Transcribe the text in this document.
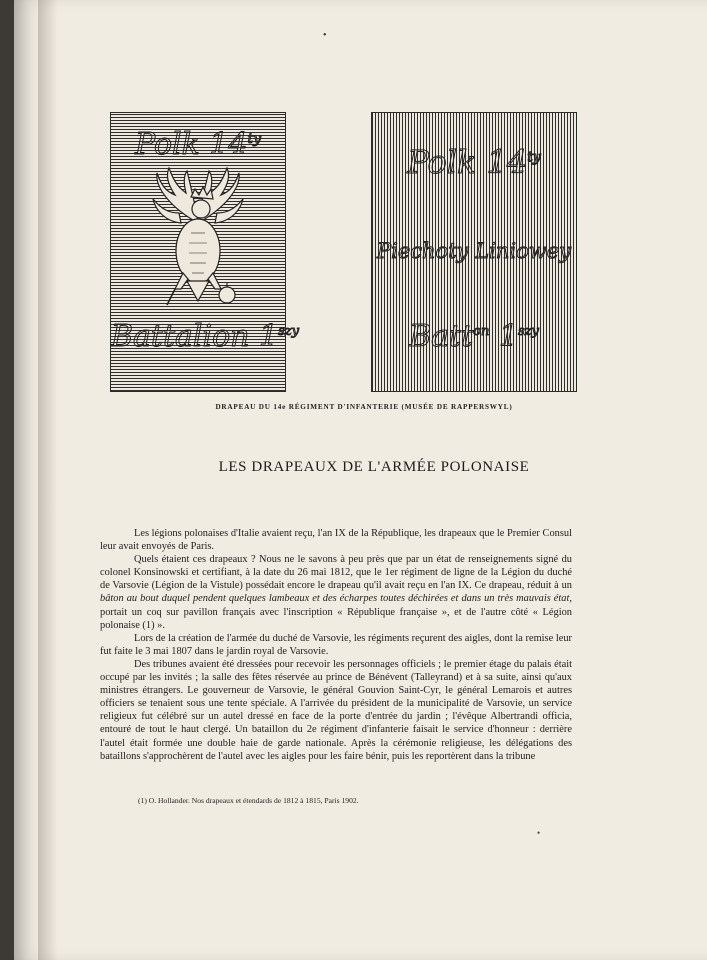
•
Polk $14^{ty}$
Battalion $1^{szy}$
Polk $14^{ty}$
Piechoty Liniowey
Batt$^{on}$ $1^{szy}$
DRAPEAU DU 14e RÉGIMENT D'INFANTERIE (MUSÉE DE RAPPERSWYL)
LES DRAPEAUX DE L'ARMÉE POLONAISE

Les légions polonaises d'Italie avaient reçu, l'an IX de la République, les drapeaux que le Premier Consul leur avait envoyés de Paris.

Quels étaient ces drapeaux ? Nous ne le savons à peu près que par un état de renseignements signé du colonel Konsinowski et certifiant, à la date du 26 mai 1812, que le 1er régiment de ligne de la Légion du duché de Varsovie (Légion de la Vistule) possédait encore le drapeau qu'il avait reçu en l'an IX. Ce drapeau, réduit à un bâton au bout duquel pendent quelques lambeaux et des écharpes toutes déchirées et dans un très mauvais état, portait un coq sur pavillon français avec l'inscription « République française », et de l'autre côté « Légion polonaise (1) ».

Lors de la création de l'armée du duché de Varsovie, les régiments reçurent des aigles, dont la remise leur fut faite le 3 mai 1807 dans le jardin royal de Varsovie.

Des tribunes avaient été dressées pour recevoir les personnages officiels ; le premier étage du palais était occupé par les invités ; la salle des fêtes réservée au prince de Bénévent (Talleyrand) et à sa suite, ainsi qu'aux ministres étrangers. Le gouverneur de Varsovie, le général Gouvion Saint-Cyr, le général Lemarois et autres officiers se tenaient sous une tente spéciale. A l'arrivée du président de la municipalité de Varsovie, un service religieux fut célébré sur un autel dressé en face de la porte d'entrée du jardin ; l'évêque Albertrandi officia, entouré de tout le haut clergé. Un bataillon du 2e régiment d'infanterie faisait le service d'honneur : derrière l'autel était formée une double haie de garde nationale. Après la cérémonie religieuse, les délégations des bataillons s'approchèrent de l'autel avec les aigles pour les faire bénir, puis les reportèrent dans la tribune

(1) O. Hollander. Nos drapeaux et étendards de 1812 à 1815, Paris 1902.
•
